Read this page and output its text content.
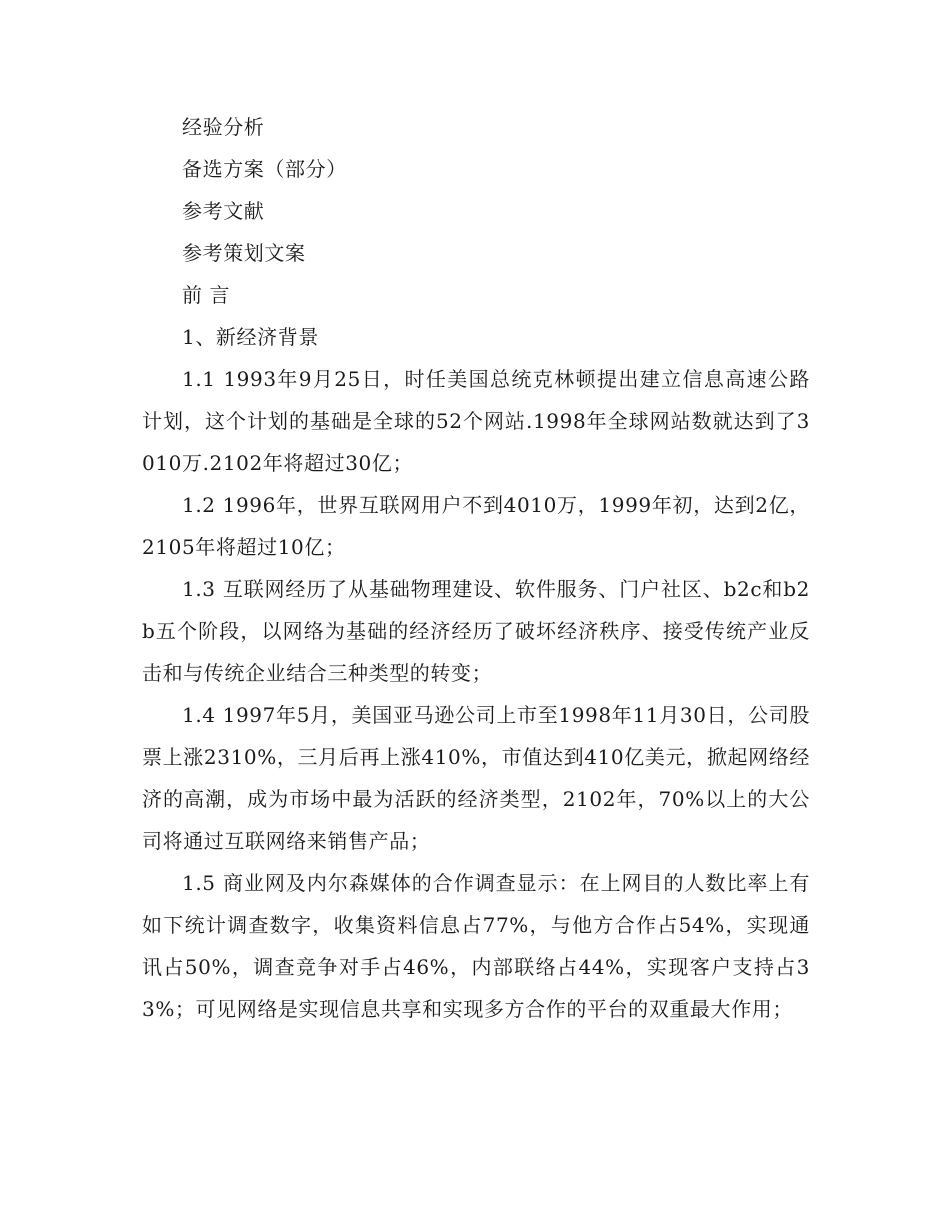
经验分析

备选方案（部分）

参考文献

参考策划文案

前 言

1、新经济背景

1.1 1993年9月25日，时任美国总统克林顿提出建立信息高速公路计划，这个计划的基础是全球的52个网站.1998年全球网站数就达到了3010万.2102年将超过30亿；

1.2 1996年，世界互联网用户不到4010万，1999年初，达到2亿，2105年将超过10亿；

1.3 互联网经历了从基础物理建设、软件服务、门户社区、b2c和b2b五个阶段，以网络为基础的经济经历了破坏经济秩序、接受传统产业反击和与传统企业结合三种类型的转变；

1.4 1997年5月，美国亚马逊公司上市至1998年11月30日，公司股票上涨2310%，三月后再上涨410%，市值达到410亿美元，掀起网络经济的高潮，成为市场中最为活跃的经济类型，2102年，70%以上的大公司将通过互联网络来销售产品；

1.5 商业网及内尔森媒体的合作调查显示：在上网目的人数比率上有如下统计调查数字，收集资料信息占77%，与他方合作占54%，实现通讯占50%，调查竞争对手占46%，内部联络占44%，实现客户支持占33%；可见网络是实现信息共享和实现多方合作的平台的双重最大作用；
